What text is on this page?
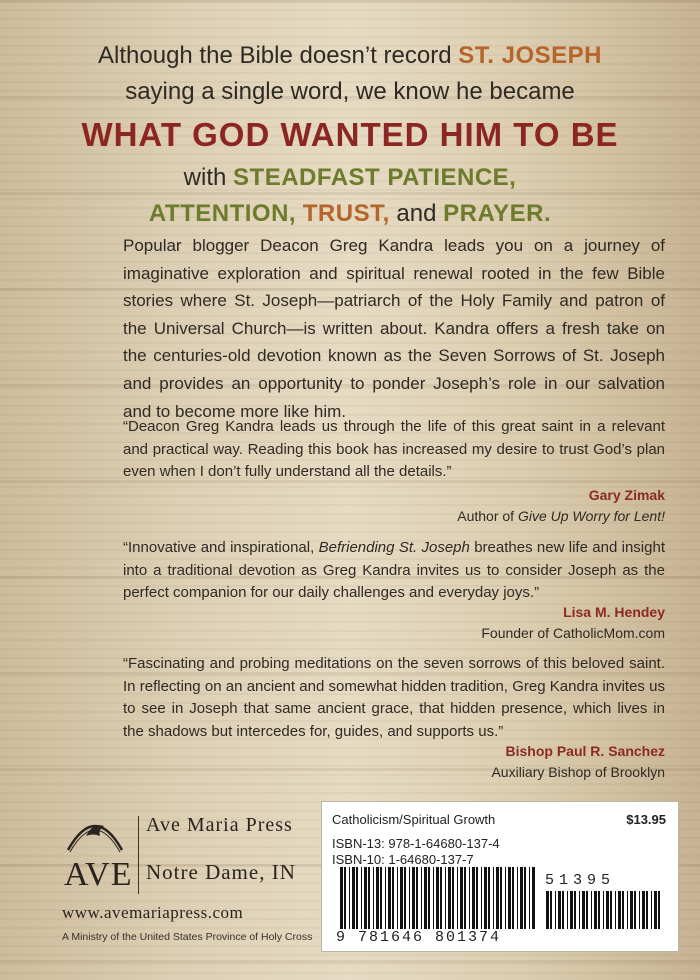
Although the Bible doesn’t record ST. JOSEPH
saying a single word, we know he became
WHAT GOD WANTED HIM TO BE
with STEADFAST PATIENCE,
ATTENTION, TRUST, and PRAYER.
Popular blogger Deacon Greg Kandra leads you on a journey of imaginative exploration and spiritual renewal rooted in the few Bible stories where St. Joseph—patriarch of the Holy Family and patron of the Universal Church—is written about. Kandra offers a fresh take on the centuries-old devotion known as the Seven Sorrows of St. Joseph and provides an opportunity to ponder Joseph’s role in our salvation and to become more like him.
“Deacon Greg Kandra leads us through the life of this great saint in a relevant and practical way. Reading this book has increased my desire to trust God’s plan even when I don’t fully understand all the details.”
Gary Zimak
Author of Give Up Worry for Lent!
“Innovative and inspirational, Befriending St. Joseph breathes new life and insight into a traditional devotion as Greg Kandra invites us to consider Joseph as the perfect companion for our daily challenges and everyday joys.”
Lisa M. Hendey
Founder of CatholicMom.com
“Fascinating and probing meditations on the seven sorrows of this beloved saint. In reflecting on an ancient and somewhat hidden tradition, Greg Kandra invites us to see in Joseph that same ancient grace, that hidden presence, which lives in the shadows but intercedes for, guides, and supports us.”
Bishop Paul R. Sanchez
Auxiliary Bishop of Brooklyn
AVE
Ave Maria Press
Notre Dame, IN
www.avemariapress.com
A Ministry of the United States Province of Holy Cross
Catholicism/Spiritual Growth	$13.95
ISBN-13: 978-1-64680-137-4
ISBN-10: 1-64680-137-7
51395
9 781646 801374
